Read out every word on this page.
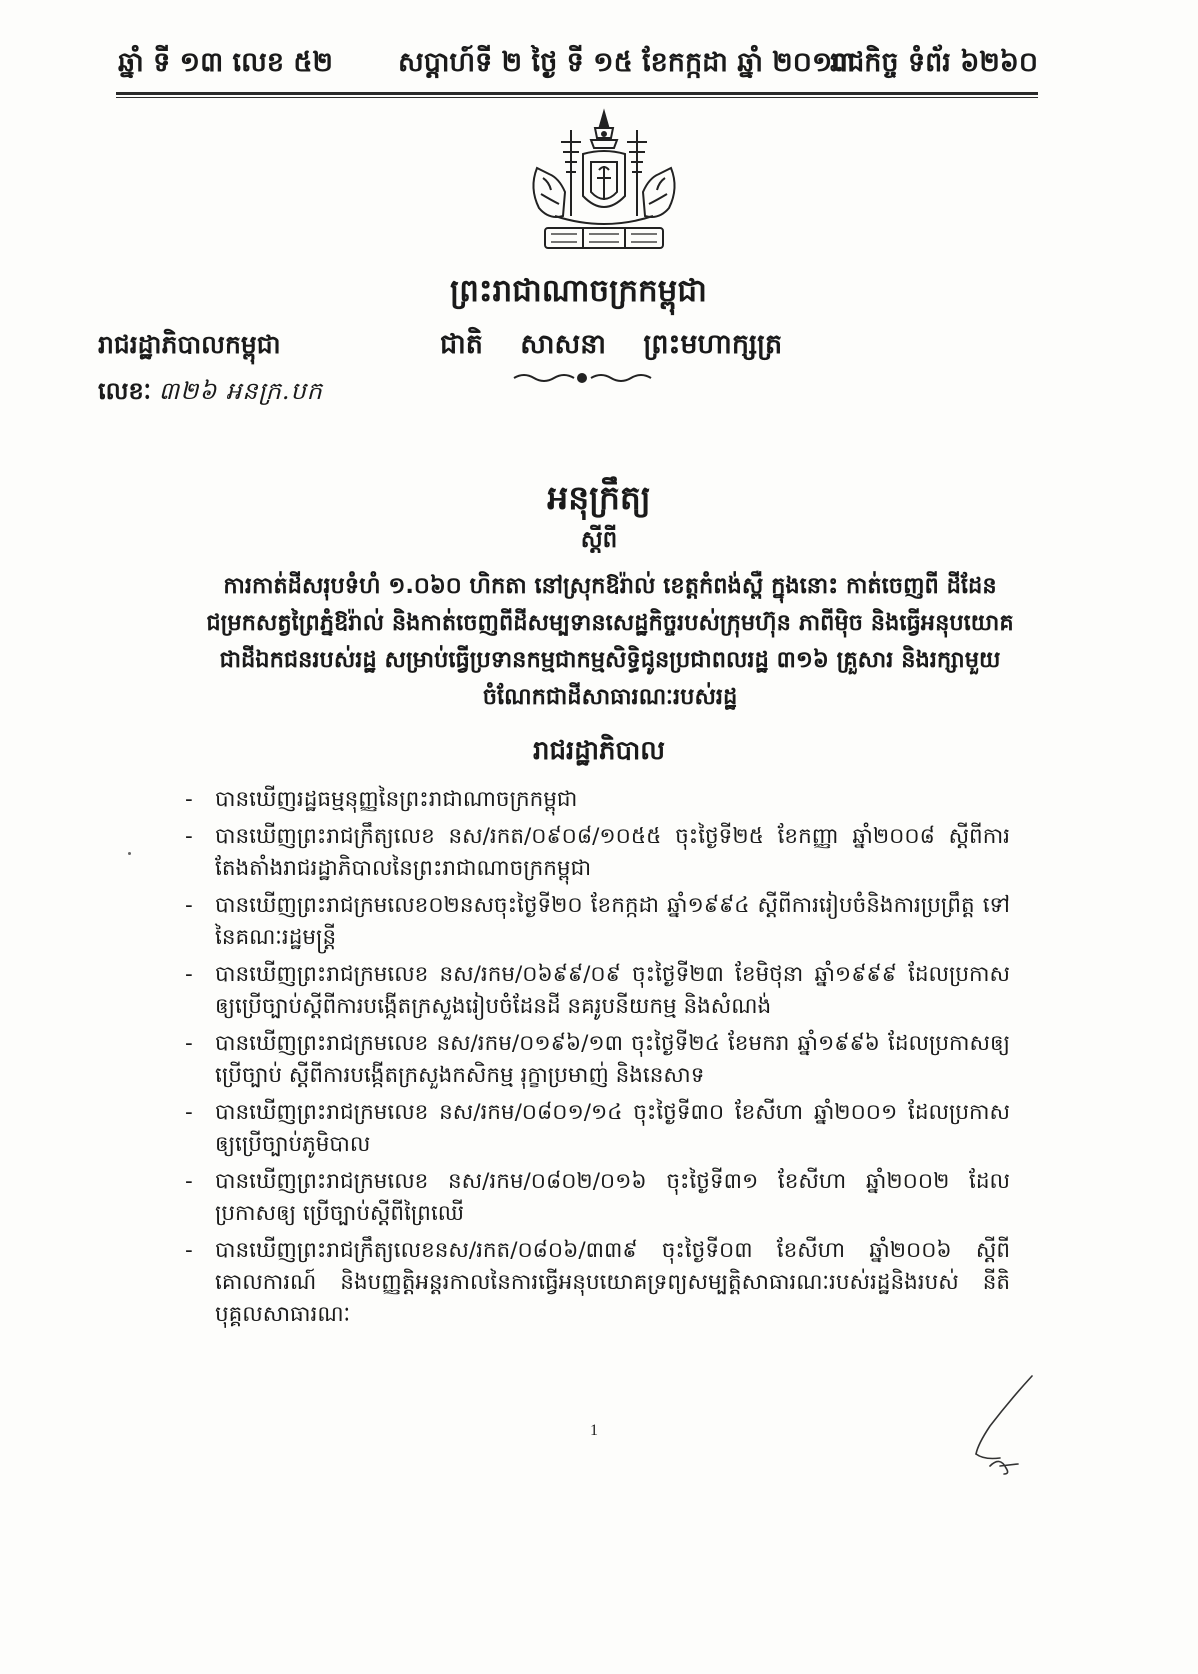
ឆ្នាំ ទី ១៣ លេខ ៥២ សប្តាហ៍ទី ២ ថ្ងៃ ទី ១៥ ខែកក្កដា ឆ្នាំ ២០១៣
រាជកិច្ច ទំព័រ ៦២៦០
ព្រះរាជាណាចក្រកម្ពុជា
ជាតិ សាសនា ព្រះមហាក្សត្រ
រាជរដ្ឋាភិបាលកម្ពុជា
លេខៈ ៣២៦ អនក្រ.បក
អនុក្រឹត្យ
ស្តីពី
ការកាត់ដីសរុបទំហំ ១.០៦០ ហិកតា នៅស្រុកឱរ៉ាល់ ខេត្តកំពង់ស្ពឺ ក្នុងនោះ កាត់ចេញពី ដីដែនជម្រកសត្វព្រៃភ្នំឱរ៉ាល់ និងកាត់ចេញពីដីសម្បទានសេដ្ឋកិច្ចរបស់ក្រុមហ៊ុន ភាពីម៉ិច និងធ្វើអនុបយោគជាដីឯកជនរបស់រដ្ឋ សម្រាប់ធ្វើប្រទានកម្មជាកម្មសិទ្ធិជូនប្រជាពលរដ្ឋ ៣១៦ គ្រួសារ និងរក្សាមួយចំណែកជាដីសាធារណៈរបស់រដ្ឋ
រាជរដ្ឋាភិបាល
- បានឃើញរដ្ឋធម្មនុញ្ញនៃព្រះរាជាណាចក្រកម្ពុជា
- បានឃើញព្រះរាជក្រឹត្យលេខ នស/រកត/០៩០៨/១០៥៥ ចុះថ្ងៃទី២៥ ខែកញ្ញា ឆ្នាំ២០០៨ ស្តីពីការ តែងតាំងរាជរដ្ឋាភិបាលនៃព្រះរាជាណាចក្រកម្ពុជា
- បានឃើញព្រះរាជក្រមលេខ០២នសចុះថ្ងៃទី២០ ខែកក្កដា ឆ្នាំ១៩៩៤ ស្តីពីការរៀបចំនិងការប្រព្រឹត្ត ទៅនៃគណៈរដ្ឋមន្ត្រី
- បានឃើញព្រះរាជក្រមលេខ នស/រកម/០៦៩៩/០៩ ចុះថ្ងៃទី២៣ ខែមិថុនា ឆ្នាំ១៩៩៩ ដែលប្រកាស ឲ្យប្រើច្បាប់ស្តីពីការបង្កើតក្រសួងរៀបចំដែនដី នគរូបនីយកម្ម និងសំណង់
- បានឃើញព្រះរាជក្រមលេខ នស/រកម/០១៩៦/១៣ ចុះថ្ងៃទី២៤ ខែមករា ឆ្នាំ១៩៩៦ ដែលប្រកាសឲ្យ ប្រើច្បាប់ ស្តីពីការបង្កើតក្រសួងកសិកម្ម រុក្ខាប្រមាញ់ និងនេសាទ
- បានឃើញព្រះរាជក្រមលេខ នស/រកម/០៨០១/១៤ ចុះថ្ងៃទី៣០ ខែសីហា ឆ្នាំ២០០១ ដែលប្រកាស ឲ្យប្រើច្បាប់ភូមិបាល
- បានឃើញព្រះរាជក្រមលេខ នស/រកម/០៨០២/០១៦ ចុះថ្ងៃទី៣១ ខែសីហា ឆ្នាំ២០០២ ដែល ប្រកាសឲ្យ ប្រើច្បាប់ស្តីពីព្រៃឈើ
- បានឃើញព្រះរាជក្រឹត្យលេខនស/រកត/០៨០៦/៣៣៩ ចុះថ្ងៃទី០៣ ខែសីហា ឆ្នាំ២០០៦ ស្តីពី គោលការណ៍ និងបញ្ញត្តិអន្តរកាលនៃការធ្វើអនុបយោគទ្រព្យសម្បត្តិសាធារណៈរបស់រដ្ឋនិងរបស់ នីតិបុគ្គលសាធារណៈ
1
